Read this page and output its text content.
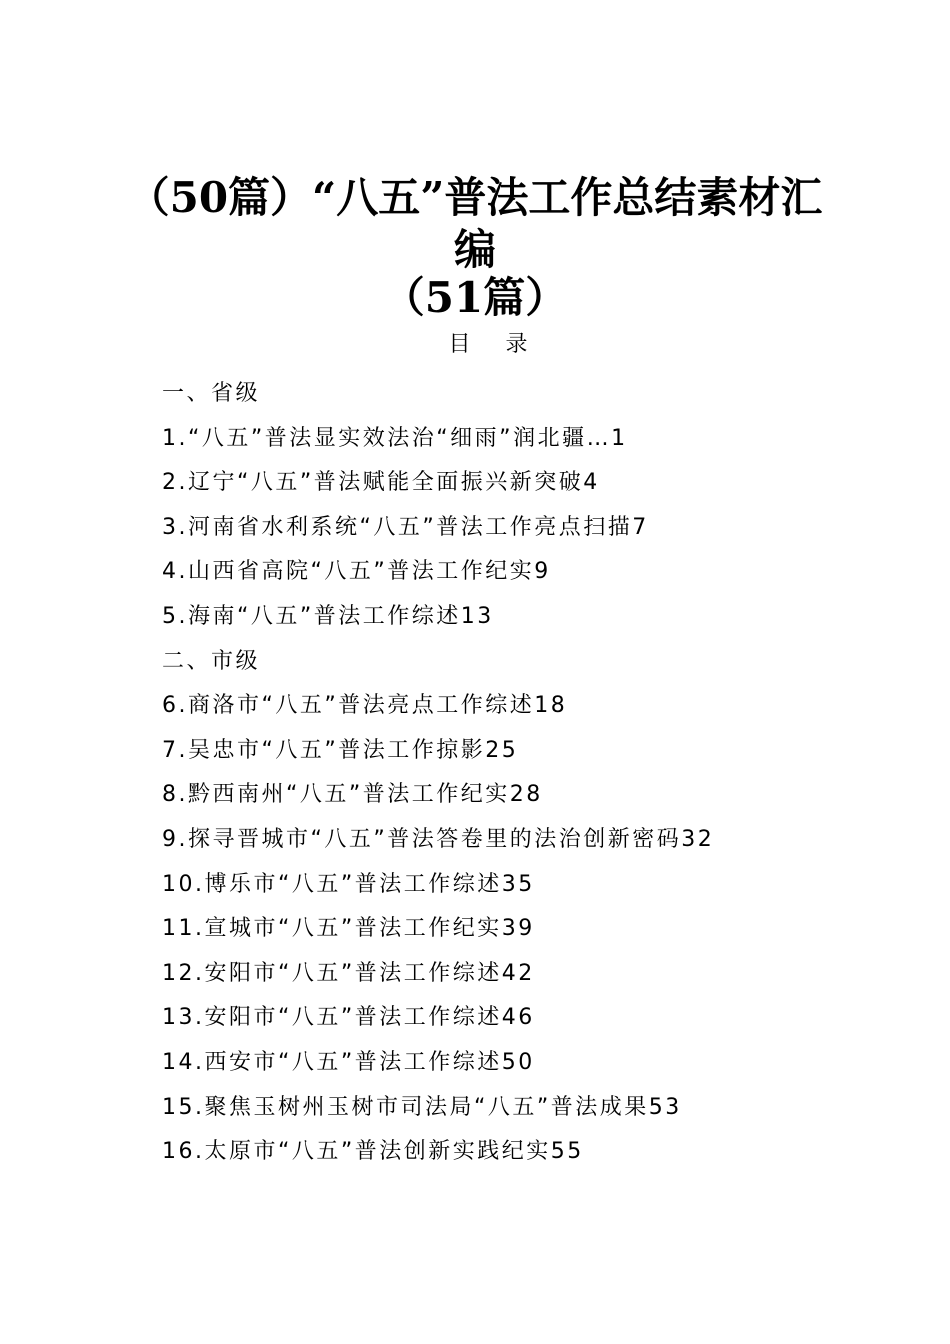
（50篇）“八五”普法工作总结素材汇
编
（51篇）
目 录
一、省级
1.“八五”普法显实效法治“细雨”润北疆…1
2.辽宁“八五”普法赋能全面振兴新突破4
3.河南省水利系统“八五”普法工作亮点扫描7
4.山西省高院“八五”普法工作纪实9
5.海南“八五”普法工作综述13
二、市级
6.商洛市“八五”普法亮点工作综述18
7.吴忠市“八五”普法工作掠影25
8.黔西南州“八五”普法工作纪实28
9.探寻晋城市“八五”普法答卷里的法治创新密码32
10.博乐市“八五”普法工作综述35
11.宣城市“八五”普法工作纪实39
12.安阳市“八五”普法工作综述42
13.安阳市“八五”普法工作综述46
14.西安市“八五”普法工作综述50
15.聚焦玉树州玉树市司法局“八五”普法成果53
16.太原市“八五”普法创新实践纪实55
